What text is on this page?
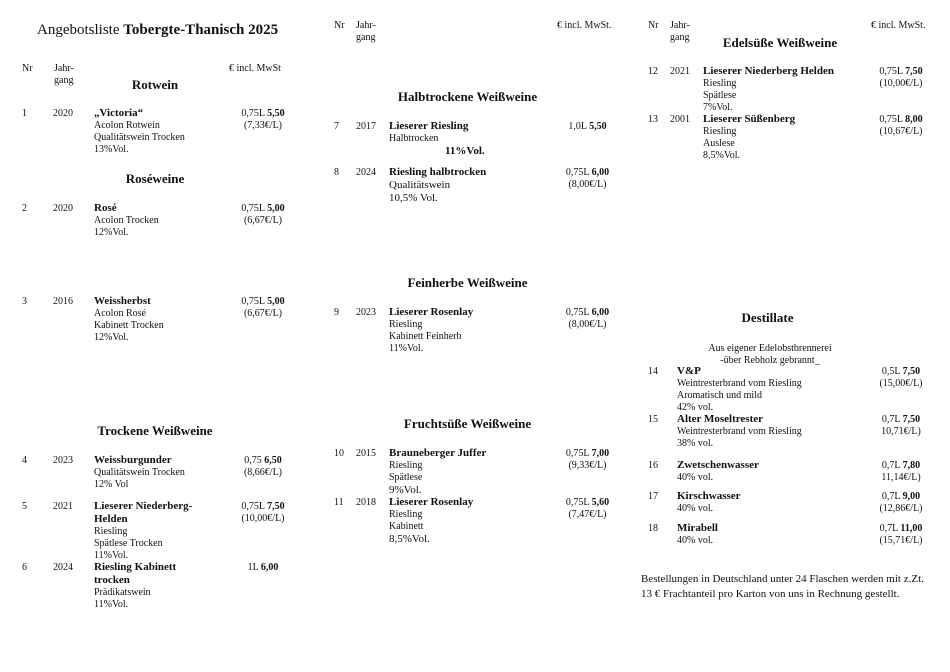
Angebotsliste Tobergte-Thanisch 2025
Nr Jahr-
gang
€ incl. MwSt
Nr Jahr-
gang
€ incl. MwSt.	Nr Jahr-
gang
€ incl. MwSt.
Rotwein
Roséweine
Trockene Weißweine
Halbtrockene Weißweine
Feinherbe Weißweine
Fruchtsüße Weißweine
Edelsüße Weißweine
Destillate
Aus eigener Edelobstbrennerei
-über Rebholz gebrannt_
1	2020 „Victoria“
Acolon Rotwein
Qualitätswein Trocken
13%Vol.
0,75L 5,50
(7,33€/L)
2	2020 Rosé
Acolon Trocken
12%Vol.
0,75L 5,00
(6,67€/L)
3	2016 Weissherbst
Acolon Rosé
Kabinett Trocken
12%Vol.
0,75L 5,00
(6,67€/L)
4	2023 Weissburgunder
Qualitätswein Trocken
12% Vol
0,75 6,50
(8,66€/L)
5	2021 Lieserer Niederberg-
Helden
Riesling
Spätlese Trocken
11%Vol.
0,75L 7,50
(10,00€/L)
6	2024 Riesling Kabinett
trocken
Prädikatswein
11%Vol.
1L 6,00
7 2017 Lieserer Riesling
Halbtrocken
11%Vol.
1,0L 5,50
8 2024 Riesling halbtrocken
Qualitätswein
10,5% Vol.
0,75L 6,00
(8,00€/L)
9 2023 Lieserer Rosenlay
Riesling
Kabinett Feinherb
11%Vol.
0,75L 6,00
(8,00€/L)
10 2015 Brauneberger Juffer
Riesling
Spätlese
9%Vol.
0,75L 7,00
(9,33€/L)
11 2018 Lieserer Rosenlay
Riesling
Kabinett
8,5%Vol.
0,75L 5,60
(7,47€/L)
12 2021 Lieserer Niederberg Helden
Riesling
Spätlese
7%Vol.
0,75L 7,50
(10,00€/L)
13 2001 Lieserer Süßenberg
Riesling
Auslese
8,5%Vol.
0,75L 8,00
(10,67€/L)
14 V&P
Weintresterbrand vom Riesling
Aromatisch und mild
42% vol.
0,5L 7,50
(15,00€/L)
15 Alter Moseltrester
Weintresterbrand vom Riesling
38% vol.
0,7L 7,50
10,71€/L)
16 Zwetschenwasser
40% vol.
0,7L 7,80
11,14€/L)
17 Kirschwasser
40% vol.
0,7L 9,00
(12,86€/L)
18 Mirabell
40% vol.
0,7L 11,00
(15,71€/L)
Bestellungen in Deutschland unter 24 Flaschen werden mit z.Zt.
13 € Frachtanteil pro Karton von uns in Rechnung gestellt.
